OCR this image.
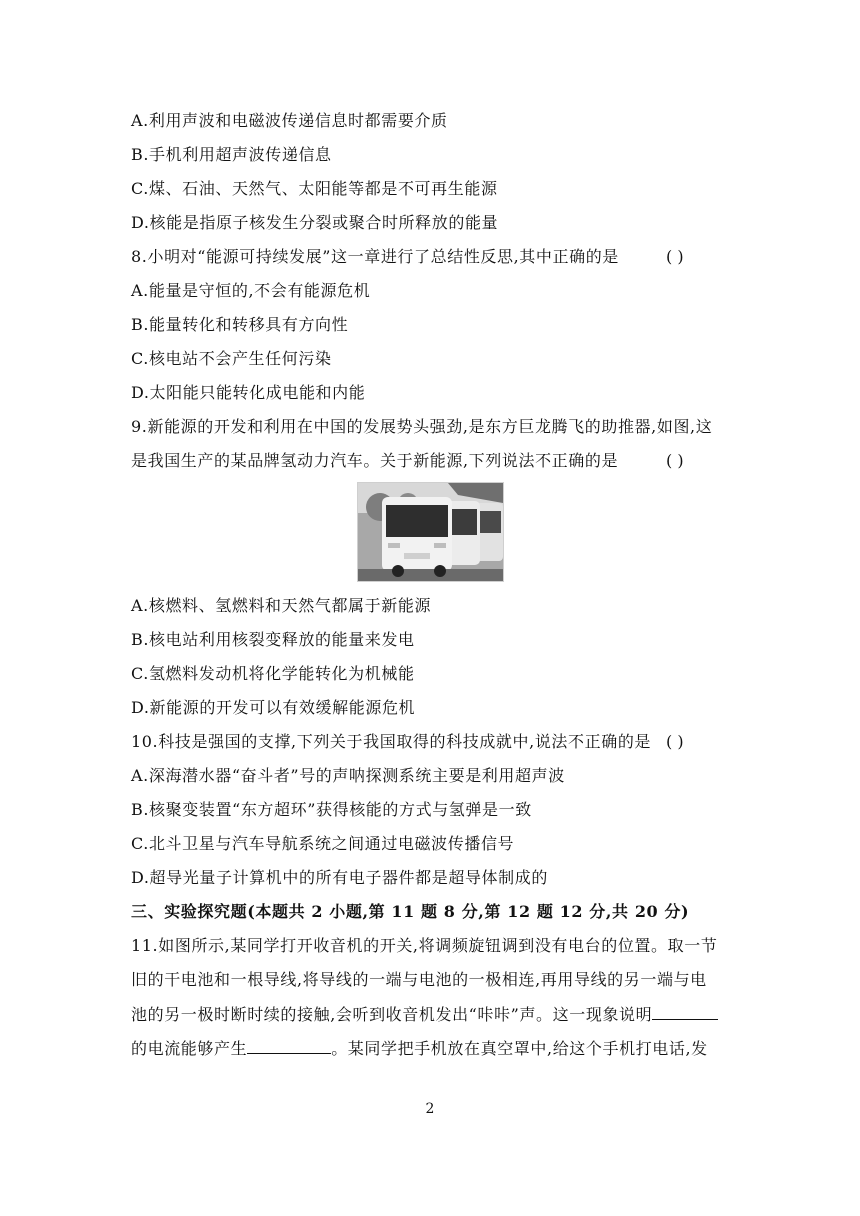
A.利用声波和电磁波传递信息时都需要介质
B.手机利用超声波传递信息
C.煤、石油、天然气、太阳能等都是不可再生能源
D.核能是指原子核发生分裂或聚合时所释放的能量
8.小明对“能源可持续发展”这一章进行了总结性反思,其中正确的是	( )
A.能量是守恒的,不会有能源危机
B.能量转化和转移具有方向性
C.核电站不会产生任何污染
D.太阳能只能转化成电能和内能
9.新能源的开发和利用在中国的发展势头强劲,是东方巨龙腾飞的助推器,如图,这
是我国生产的某品牌氢动力汽车。关于新能源,下列说法不正确的是	( )
A.核燃料、氢燃料和天然气都属于新能源
B.核电站利用核裂变释放的能量来发电
C.氢燃料发动机将化学能转化为机械能
D.新能源的开发可以有效缓解能源危机
10.科技是强国的支撑,下列关于我国取得的科技成就中,说法不正确的是 ( )
A.深海潜水器“奋斗者”号的声呐探测系统主要是利用超声波
B.核聚变装置“东方超环”获得核能的方式与氢弹是一致
C.北斗卫星与汽车导航系统之间通过电磁波传播信号
D.超导光量子计算机中的所有电子器件都是超导体制成的
三、实验探究题(本题共 2 小题,第 11 题 8 分,第 12 题 12 分,共 20 分)
11.如图所示,某同学打开收音机的开关,将调频旋钮调到没有电台的位置。取一节
旧的干电池和一根导线,将导线的一端与电池的一极相连,再用导线的另一端与电
池的另一极时断时续的接触,会听到收音机发出“咔咔”声。这一现象说明
的电流能够产生	。某同学把手机放在真空罩中,给这个手机打电话,发
2
